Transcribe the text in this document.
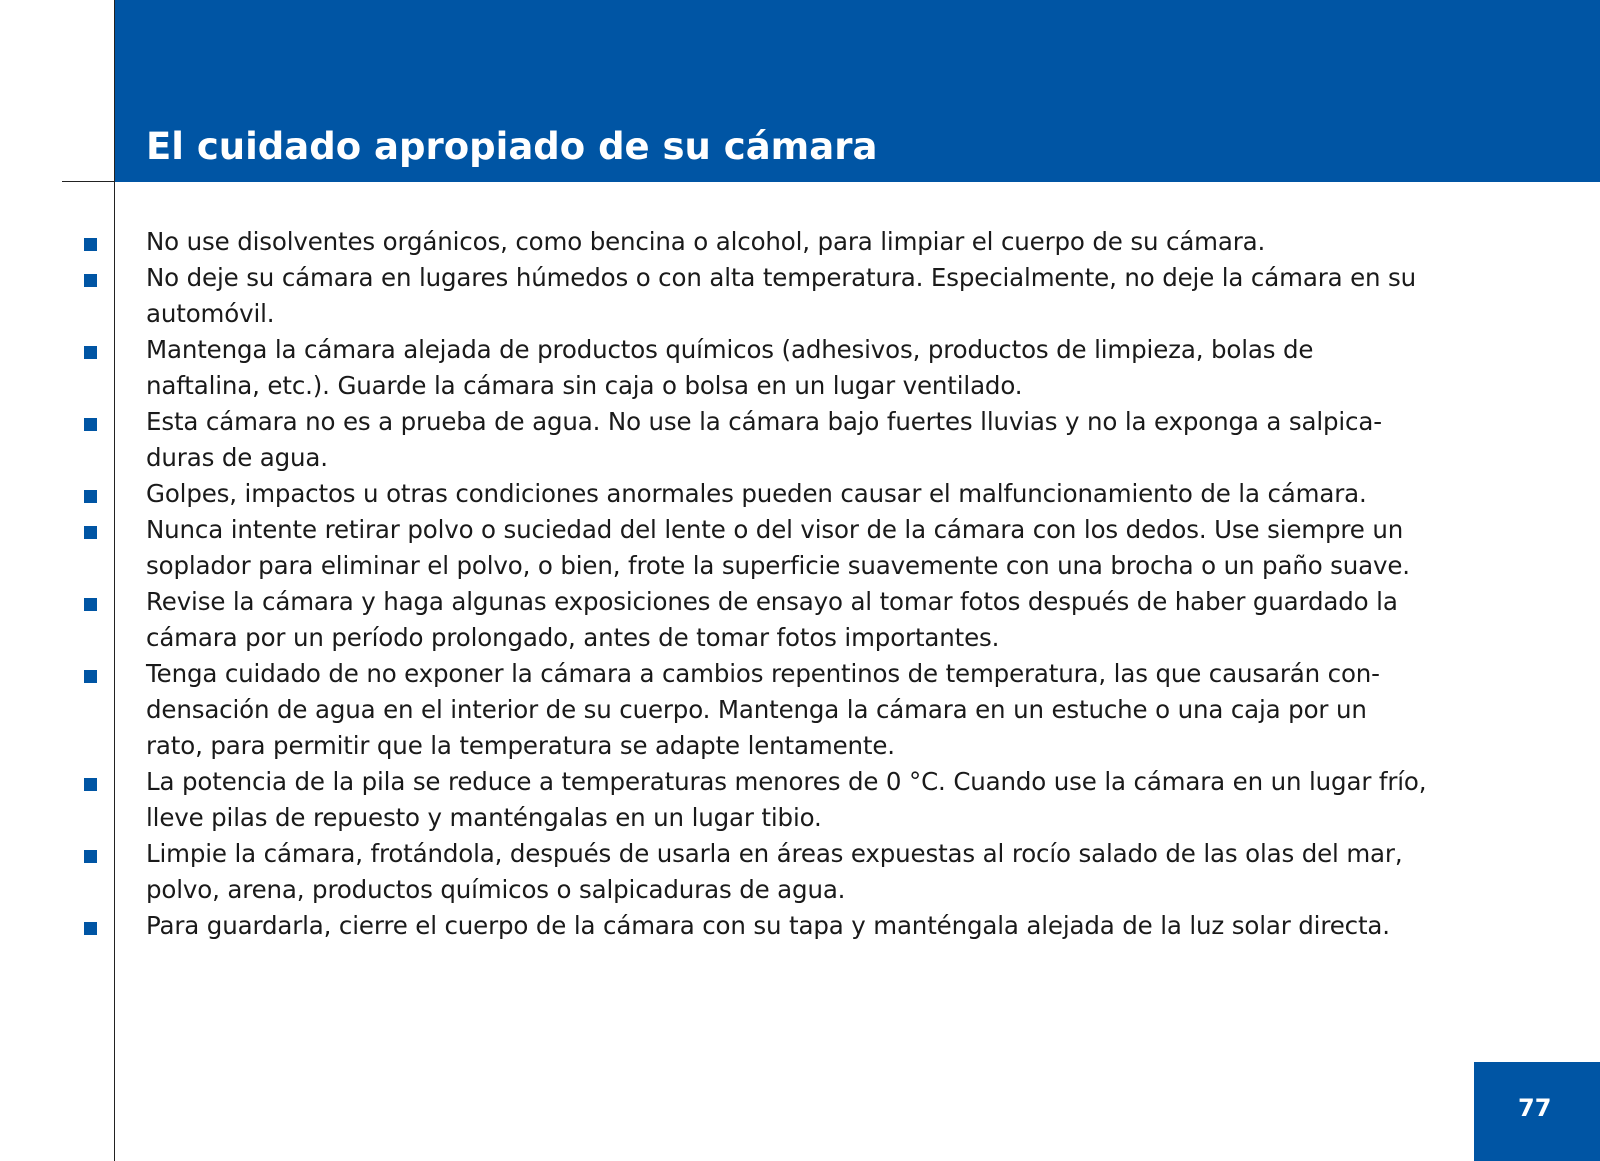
El cuidado apropiado de su cámara
No use disolventes orgánicos, como bencina o alcohol, para limpiar el cuerpo de su cámara.
No deje su cámara en lugares húmedos o con alta temperatura. Especialmente, no deje la cámara en su
automóvil.
Mantenga la cámara alejada de productos químicos (adhesivos, productos de limpieza, bolas de
naftalina, etc.). Guarde la cámara sin caja o bolsa en un lugar ventilado.
Esta cámara no es a prueba de agua. No use la cámara bajo fuertes lluvias y no la exponga a salpica-
duras de agua.
Golpes, impactos u otras condiciones anormales pueden causar el malfuncionamiento de la cámara.
Nunca intente retirar polvo o suciedad del lente o del visor de la cámara con los dedos. Use siempre un
soplador para eliminar el polvo, o bien, frote la superficie suavemente con una brocha o un paño suave.
Revise la cámara y haga algunas exposiciones de ensayo al tomar fotos después de haber guardado la
cámara por un período prolongado, antes de tomar fotos importantes.
Tenga cuidado de no exponer la cámara a cambios repentinos de temperatura, las que causarán con-
densación de agua en el interior de su cuerpo. Mantenga la cámara en un estuche o una caja por un
rato, para permitir que la temperatura se adapte lentamente.
La potencia de la pila se reduce a temperaturas menores de 0 °C. Cuando use la cámara en un lugar frío,
lleve pilas de repuesto y manténgalas en un lugar tibio.
Limpie la cámara, frotándola, después de usarla en áreas expuestas al rocío salado de las olas del mar,
polvo, arena, productos químicos o salpicaduras de agua.
Para guardarla, cierre el cuerpo de la cámara con su tapa y manténgala alejada de la luz solar directa.
77
